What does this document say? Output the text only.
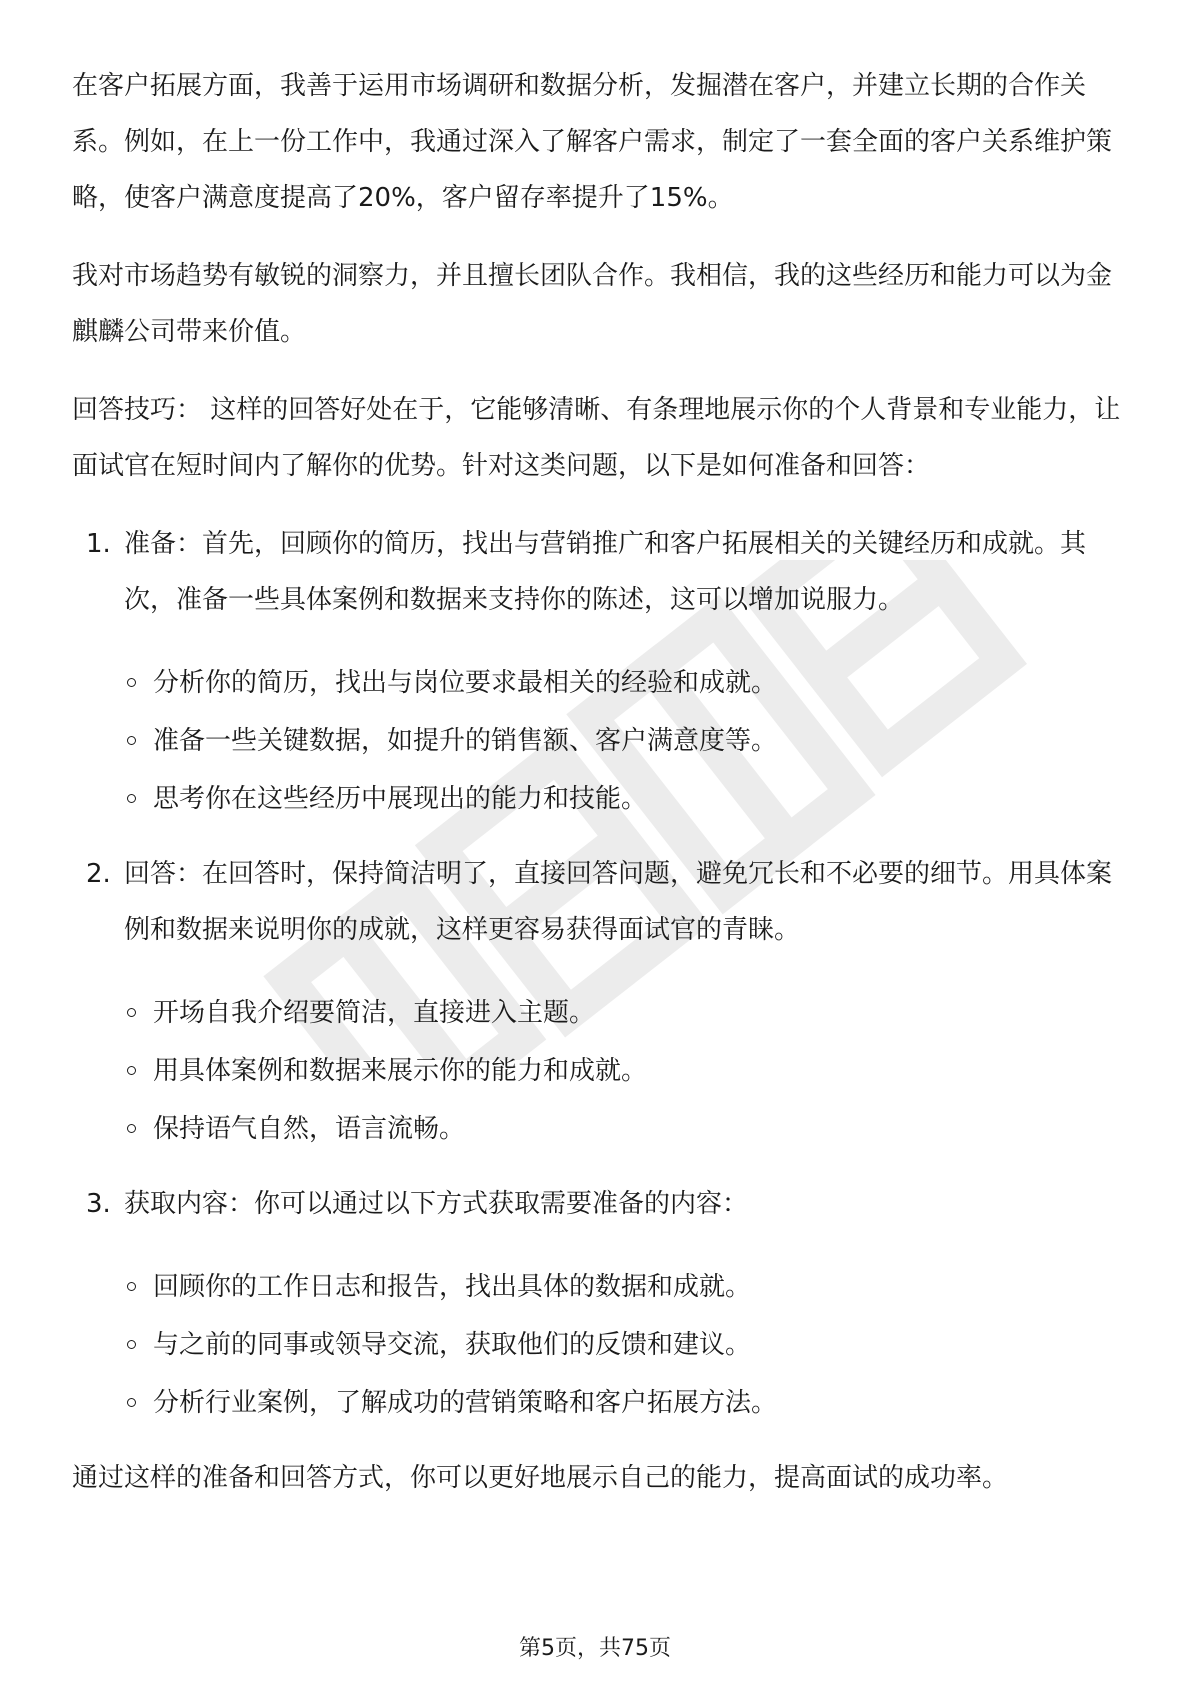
在客户拓展方面，我善于运用市场调研和数据分析，发掘潜在客户，并建立长期的合作关系。例如，在上一份工作中，我通过深入了解客户需求，制定了一套全面的客户关系维护策略，使客户满意度提高了20%，客户留存率提升了15%。

我对市场趋势有敏锐的洞察力，并且擅长团队合作。我相信，我的这些经历和能力可以为金麒麟公司带来价值。

回答技巧： 这样的回答好处在于，它能够清晰、有条理地展示你的个人背景和专业能力，让面试官在短时间内了解你的优势。针对这类问题，以下是如何准备和回答：

1. 准备：首先，回顾你的简历，找出与营销推广和客户拓展相关的关键经历和成就。其次，准备一些具体案例和数据来支持你的陈述，这可以增加说服力。

分析你的简历，找出与岗位要求最相关的经验和成就。
准备一些关键数据，如提升的销售额、客户满意度等。
思考你在这些经历中展现出的能力和技能。
2. 回答：在回答时，保持简洁明了，直接回答问题，避免冗长和不必要的细节。用具体案例和数据来说明你的成就，这样更容易获得面试官的青睐。

开场自我介绍要简洁，直接进入主题。
用具体案例和数据来展示你的能力和成就。
保持语气自然，语言流畅。
3. 获取内容：你可以通过以下方式获取需要准备的内容：

回顾你的工作日志和报告，找出具体的数据和成就。
与之前的同事或领导交流，获取他们的反馈和建议。
分析行业案例，了解成功的营销策略和客户拓展方法。

通过这样的准备和回答方式，你可以更好地展示自己的能力，提高面试的成功率。

第5页，共75页
